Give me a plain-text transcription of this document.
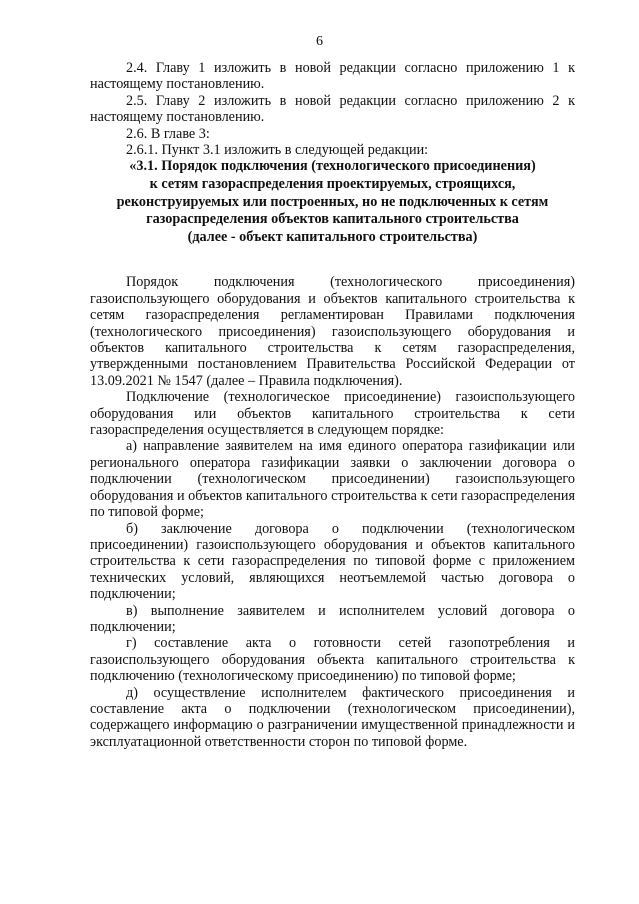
6

2.4. Главу 1 изложить в новой редакции согласно приложению 1 к настоящему постановлению.

2.5. Главу 2 изложить в новой редакции согласно приложению 2 к настоящему постановлению.

2.6. В главе 3:

2.6.1. Пункт 3.1 изложить в следующей редакции:

«3.1. Порядок подключения (технологического присоединения)

к сетям газораспределения проектируемых, строящихся,

реконструируемых или построенных, но не подключенных к сетям

газораспределения объектов капитального строительства

(далее - объект капитального строительства)

Порядок подключения (технологического присоединения) газоиспользующего оборудования и объектов капитального строительства к сетям газораспределения регламентирован Правилами подключения (технологического присоединения) газоиспользующего оборудования и объектов капитального строительства к сетям газораспределения, утвержденными постановлением Правительства Российской Федерации от 13.09.2021 № 1547 (далее – Правила подключения).

Подключение (технологическое присоединение) газоиспользующего оборудования или объектов капитального строительства к сети газораспределения осуществляется в следующем порядке:

а) направление заявителем на имя единого оператора газификации или регионального оператора газификации заявки о заключении договора о подключении (технологическом присоединении) газоиспользующего оборудования и объектов капитального строительства к сети газораспределения по типовой форме;

б) заключение договора о подключении (технологическом присоединении) газоиспользующего оборудования и объектов капитального строительства к сети газораспределения по типовой форме с приложением технических условий, являющихся неотъемлемой частью договора о подключении;

в) выполнение заявителем и исполнителем условий договора о подключении;

г) составление акта о готовности сетей газопотребления и газоиспользующего оборудования объекта капитального строительства к подключению (технологическому присоединению) по типовой форме;

д) осуществление исполнителем фактического присоединения и составление акта о подключении (технологическом присоединении), содержащего информацию о разграничении имущественной принадлежности и эксплуатационной ответственности сторон по типовой форме.
